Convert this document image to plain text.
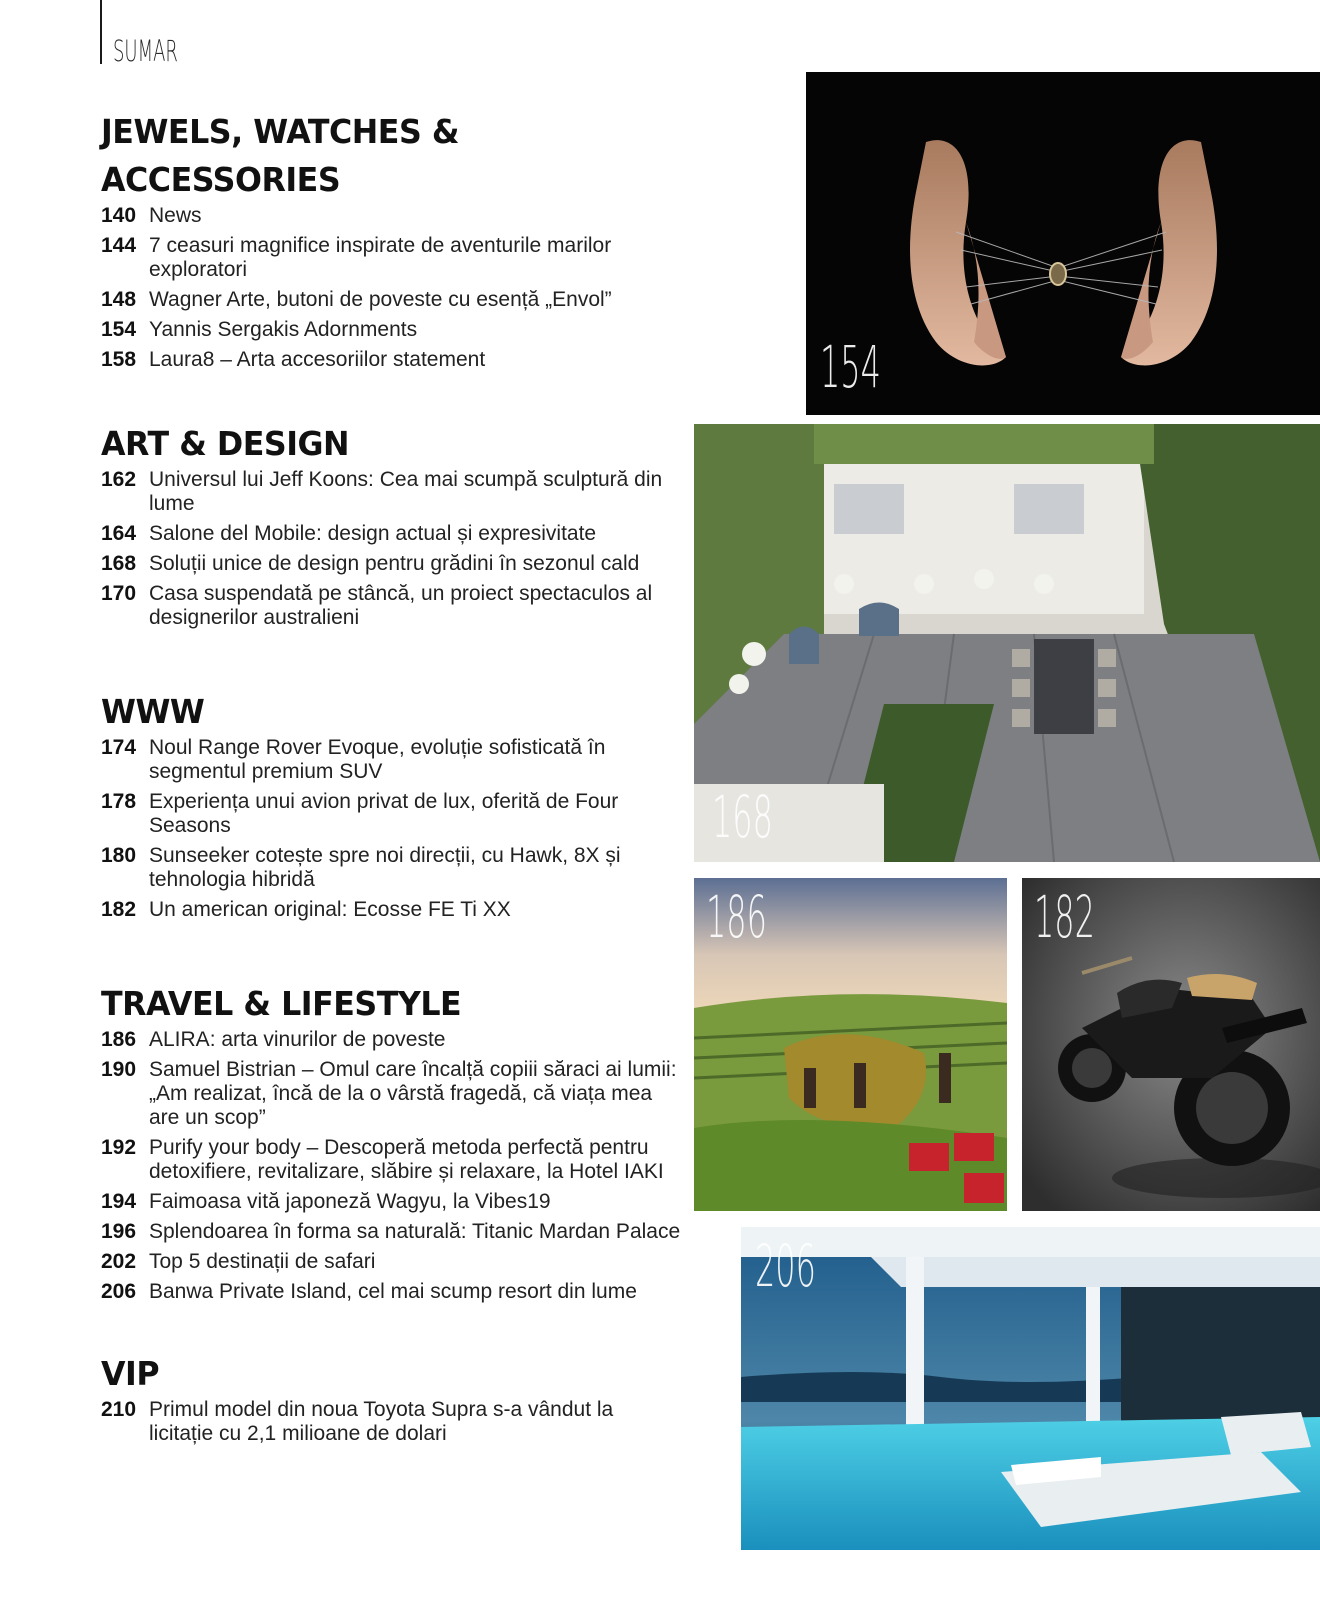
SUMAR
JEWELS, WATCHES & ACCESSORIES
140 News
144 7 ceasuri magnifice inspirate de aventurile marilor exploratori
148 Wagner Arte, butoni de poveste cu esență „Envol”
154 Yannis Sergakis Adornments
158 Laura8 – Arta accesoriilor statement
ART & DESIGN
162 Universul lui Jeff Koons: Cea mai scumpă sculptură din lume
164 Salone del Mobile: design actual și expresivitate
168 Soluții unice de design pentru grădini în sezonul cald
170 Casa suspendată pe stâncă, un proiect spectaculos al designerilor australieni
WWW
174 Noul Range Rover Evoque, evoluție sofisticată în segmentul premium SUV
178 Experiența unui avion privat de lux, oferită de Four Seasons
180 Sunseeker cotește spre noi direcții, cu Hawk, 8X și tehnologia hibridă
182 Un american original: Ecosse FE Ti XX
TRAVEL & LIFESTYLE
186 ALIRA: arta vinurilor de poveste
190 Samuel Bistrian – Omul care încalță copiii săraci ai lumii: „Am realizat, încă de la o vârstă fragedă, că viața mea are un scop”
192 Purify your body – Descoperă metoda perfectă pentru detoxifiere, revitalizare, slăbire și relaxare, la Hotel IAKI
194 Faimoasa vită japoneză Wagyu, la Vibes19
196 Splendoarea în forma sa naturală: Titanic Mardan Palace
202 Top 5 destinații de safari
206 Banwa Private Island, cel mai scump resort din lume
VIP
210 Primul model din noua Toyota Supra s-a vândut la licitație cu 2,1 milioane de dolari
154
168
186	182
206
